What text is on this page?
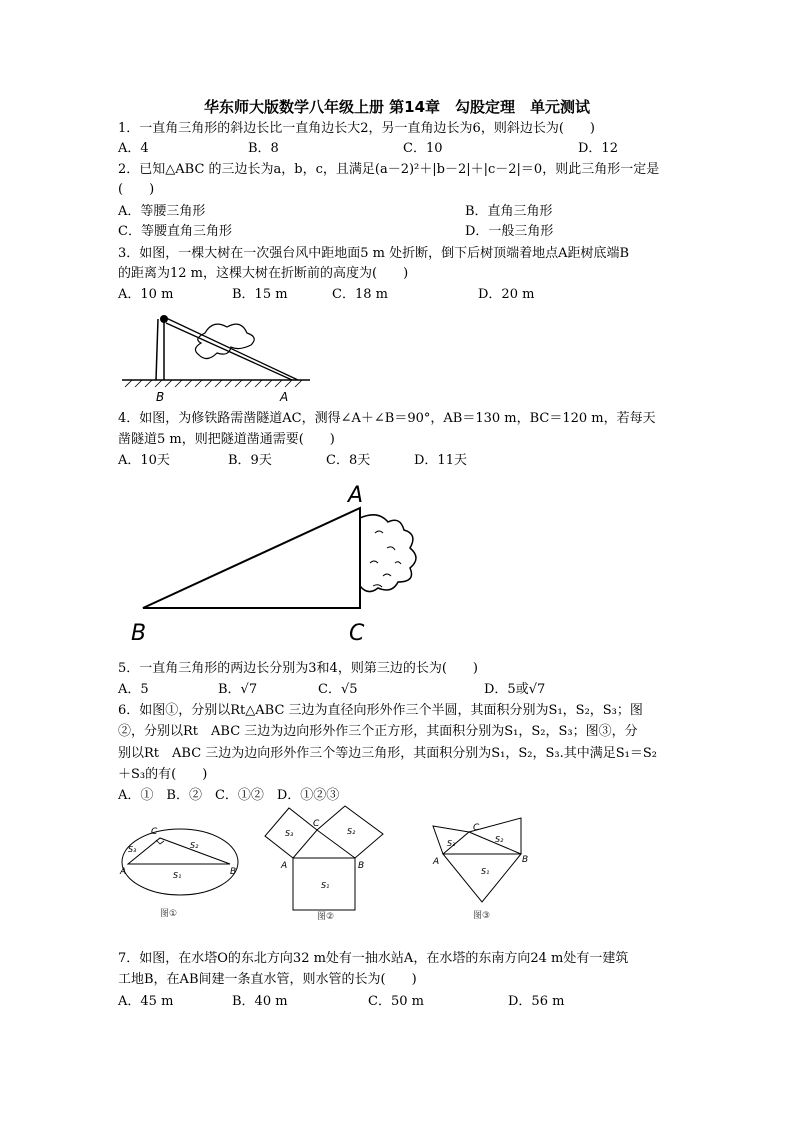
华东师大版数学八年级上册 第14章　勾股定理　单元测试
1．一直角三角形的斜边长比一直角边长大2，另一直角边长为6，则斜边长为(　　)
A．4	B．8	C．10	D．12
2．已知△ABC 的三边长为a，b，c，且满足(a－2)²＋|b－2|＋|c－2|＝0，则此三角形一定是
(　　)
A．等腰三角形	B．直角三角形
C．等腰直角三角形	D．一般三角形
3．如图，一棵大树在一次强台风中距地面5 m 处折断，倒下后树顶端着地点A距树底端B
的距离为12 m，这棵大树在折断前的高度为(　　)
A．10 m	B．15 m	C．18 m	D．20 m
B	A
4．如图，为修铁路需凿隧道AC，测得∠A＋∠B＝90°，AB＝130 m，BC＝120 m，若每天
凿隧道5 m，则把隧道凿通需要(　　)
A．10天	B．9天	C．8天	D．11天
A
B	C
5．一直角三角形的两边长分别为3和4，则第三边的长为(　　)
A．5	B．√7	C．√5	D．5或√7
6．如图①，分别以Rt△ABC 三边为直径向形外作三个半圆，其面积分别为S₁，S₂，S₃；图
②，分别以Rt　ABC 三边为边向形外作三个正方形，其面积分别为S₁，S₂，S₃；图③，分
别以Rt　ABC 三边为边向形外作三个等边三角形，其面积分别为S₁，S₂，S₃.其中满足S₁＝S₂
＋S₃的有(　　)
A．①　B．②　C．①②　D．①②③
C
A	B
S₃	S₂
S₁
图①
C
A	B
S₃	S₂
S₁
图②
C
A	B
S₃	S₂
S₁
图③
7．如图，在水塔O的东北方向32 m处有一抽水站A，在水塔的东南方向24 m处有一建筑
工地B，在AB间建一条直水管，则水管的长为(　　)
A．45 m	B．40 m	C．50 m	D．56 m
